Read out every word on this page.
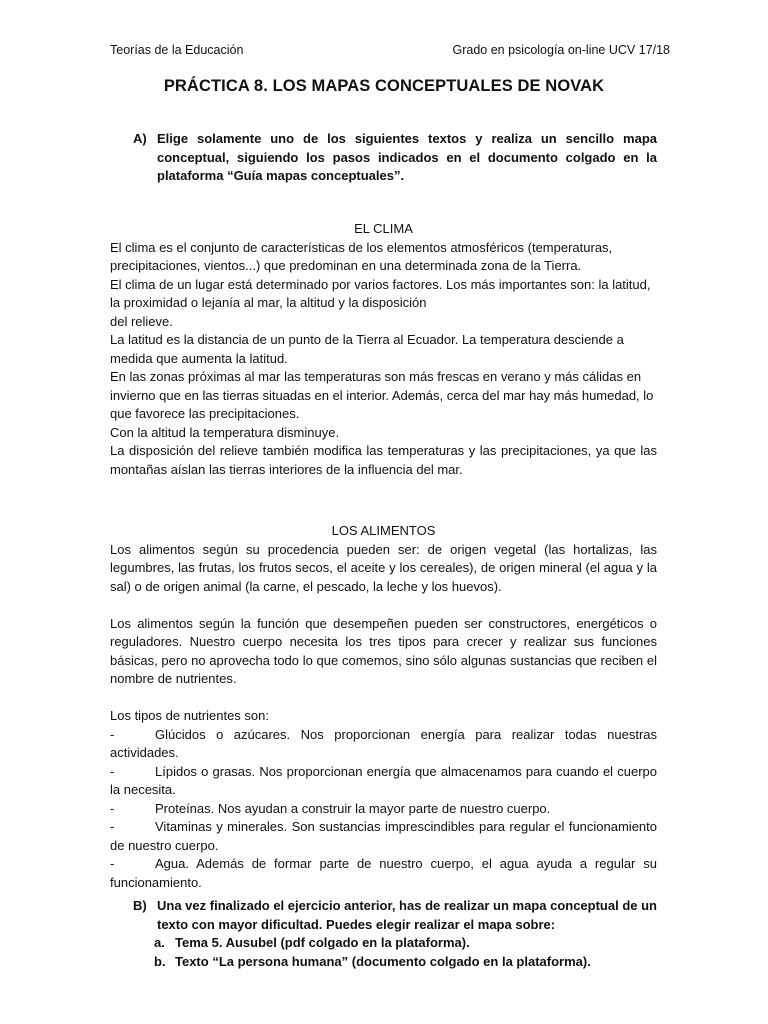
Teorías de la Educación	Grado en psicología on-line UCV 17/18
PRÁCTICA 8. LOS MAPAS CONCEPTUALES DE NOVAK
A) Elige solamente uno de los siguientes textos y realiza un sencillo mapa conceptual, siguiendo los pasos indicados en el documento colgado en la plataforma “Guía mapas conceptuales”.
EL CLIMA

El clima es el conjunto de características de los elementos atmosféricos (temperaturas, precipitaciones, vientos...) que predominan en una determinada zona de la Tierra.

El clima de un lugar está determinado por varios factores. Los más importantes son: la latitud, la proximidad o lejanía al mar, la altitud y la disposición

del relieve.

La latitud es la distancia de un punto de la Tierra al Ecuador. La temperatura desciende a medida que aumenta la latitud.

En las zonas próximas al mar las temperaturas son más frescas en verano y más cálidas en invierno que en las tierras situadas en el interior. Además, cerca del mar hay más humedad, lo que favorece las precipitaciones.

Con la altitud la temperatura disminuye.

La disposición del relieve también modifica las temperaturas y las precipitaciones, ya que las montañas aíslan las tierras interiores de la influencia del mar.

LOS ALIMENTOS

Los alimentos según su procedencia pueden ser: de origen vegetal (las hortalizas, las legumbres, las frutas, los frutos secos, el aceite y los cereales), de origen mineral (el agua y la sal) o de origen animal (la carne, el pescado, la leche y los huevos).

Los alimentos según la función que desempeñen pueden ser constructores, energéticos o reguladores. Nuestro cuerpo necesita los tres tipos para crecer y realizar sus funciones básicas, pero no aprovecha todo lo que comemos, sino sólo algunas sustancias que reciben el nombre de nutrientes.

Los tipos de nutrientes son:

-	Glúcidos o azúcares. Nos proporcionan energía para realizar todas nuestras actividades.
-	Lípidos o grasas. Nos proporcionan energía que almacenamos para cuando el cuerpo la necesita.
-	Proteínas. Nos ayudan a construir la mayor parte de nuestro cuerpo.
-	Vitaminas y minerales. Son sustancias imprescindibles para regular el funcionamiento de nuestro cuerpo.
-	Agua. Además de formar parte de nuestro cuerpo, el agua ayuda a regular su funcionamiento.
B) Una vez finalizado el ejercicio anterior, has de realizar un mapa conceptual de un texto con mayor dificultad. Puedes elegir realizar el mapa sobre:
a. Tema 5. Ausubel (pdf colgado en la plataforma).
b. Texto “La persona humana” (documento colgado en la plataforma).
